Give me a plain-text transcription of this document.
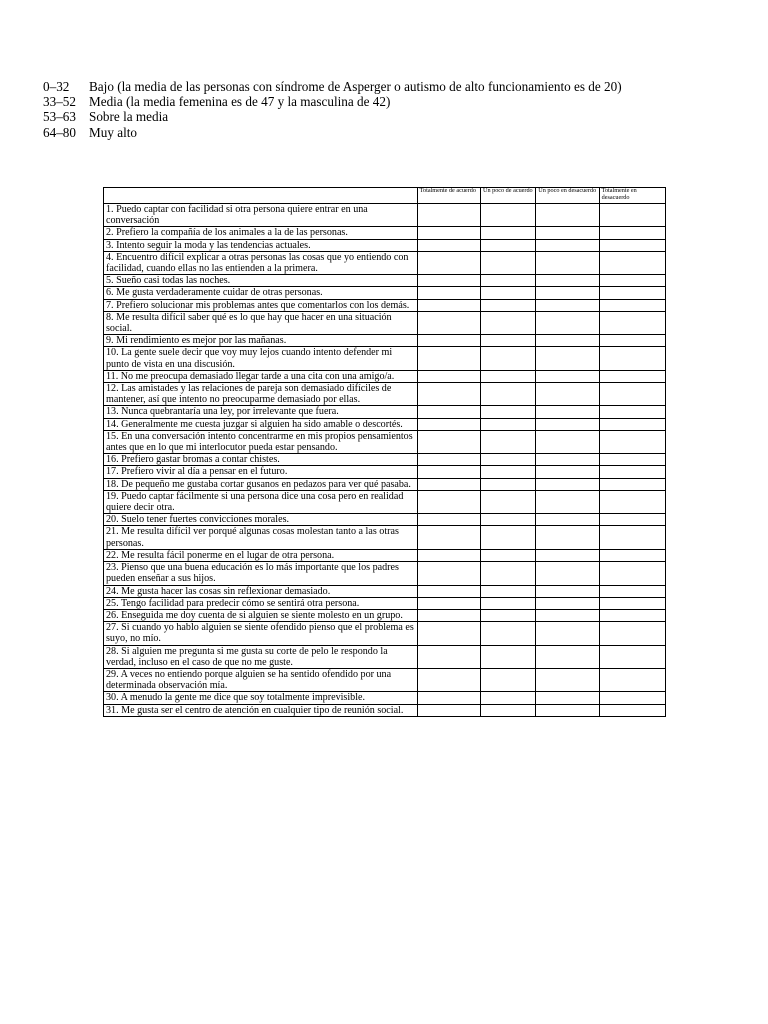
0–32	Bajo (la media de las personas con síndrome de Asperger o autismo de alto funcionamiento es de 20)
33–52 Media (la media femenina es de 47 y la masculina de 42)
53–63 Sobre la media
64–80 Muy alto
	Totalmente de acuerdo	Un poco de acuerdo	Un poco en desacuerdo	Totalmente en desacuerdo
1. Puedo captar con facilidad si otra persona quiere entrar en una conversación				
2. Prefiero la compañía de los animales a la de las personas.				
3. Intento seguir la moda y las tendencias actuales.				
4. Encuentro difícil explicar a otras personas las cosas que yo entiendo con facilidad, cuando ellas no las entienden a la primera.				
5. Sueño casi todas las noches.				
6. Me gusta verdaderamente cuidar de otras personas.				
7. Prefiero solucionar mis problemas antes que comentarlos con los demás.				
8. Me resulta difícil saber qué es lo que hay que hacer en una situación social.				
9. Mi rendimiento es mejor por las mañanas.				
10. La gente suele decir que voy muy lejos cuando intento defender mi punto de vista en una discusión.				
11. No me preocupa demasiado llegar tarde a una cita con una amigo/a.				
12. Las amistades y las relaciones de pareja son demasiado difíciles de mantener, así que intento no preocuparme demasiado por ellas.				
13. Nunca quebrantaría una ley, por irrelevante que fuera.				
14. Generalmente me cuesta juzgar si alguien ha sido amable o descortés.				
15. En una conversación intento concentrarme en mis propios pensamientos antes que en lo que mi interlocutor pueda estar pensando.				
16. Prefiero gastar bromas a contar chistes.				
17. Prefiero vivir al día a pensar en el futuro.				
18. De pequeño me gustaba cortar gusanos en pedazos para ver qué pasaba.				
19. Puedo captar fácilmente si una persona dice una cosa pero en realidad quiere decir otra.				
20. Suelo tener fuertes convicciones morales.				
21. Me resulta difícil ver porqué algunas cosas molestan tanto a las otras personas.				
22. Me resulta fácil ponerme en el lugar de otra persona.				
23. Pienso que una buena educación es lo más importante que los padres pueden enseñar a sus hijos.				
24. Me gusta hacer las cosas sin reflexionar demasiado.				
25. Tengo facilidad para predecir cómo se sentirá otra persona.				
26. Enseguida me doy cuenta de si alguien se siente molesto en un grupo.				
27. Si cuando yo hablo alguien se siente ofendido pienso que el problema es suyo, no mío.				
28. Si alguien me pregunta si me gusta su corte de pelo le respondo la verdad, incluso en el caso de que no me guste.				
29. A veces no entiendo porque alguien se ha sentido ofendido por una determinada observación mía.				
30. A menudo la gente me dice que soy totalmente imprevisible.				
31. Me gusta ser el centro de atención en cualquier tipo de reunión social.				
